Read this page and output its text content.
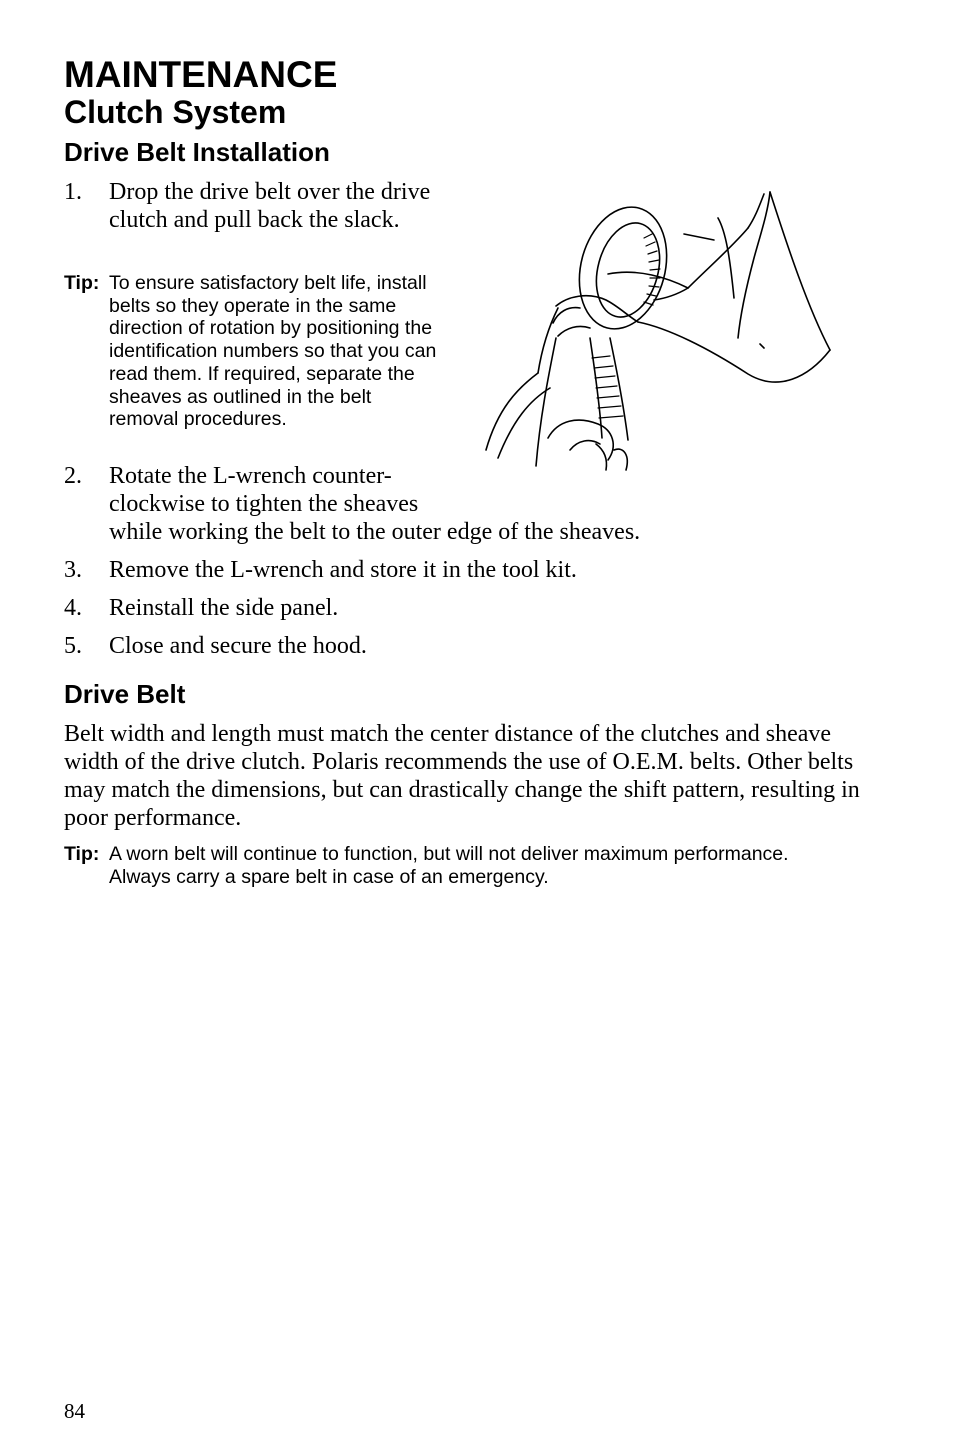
MAINTENANCE
Clutch System
Drive Belt Installation
1. Drop the drive belt over the drive clutch and pull back the slack.
Tip: To ensure satisfactory belt life, install belts so they operate in the same direction of rotation by positioning the identification numbers so that you can read them. If required, separate the sheaves as outlined in the belt removal procedures.
2. Rotate the L-wrench counter-clockwise to tighten the sheaves while working the belt to the outer edge of the sheaves.
3. Remove the L-wrench and store it in the tool kit.
4. Reinstall the side panel.
5. Close and secure the hood.
Drive Belt

Belt width and length must match the center distance of the clutches and sheave width of the drive clutch. Polaris recommends the use of O.E.M. belts. Other belts may match the dimensions, but can drastically change the shift pattern, resulting in poor performance.

Tip: A worn belt will continue to function, but will not deliver maximum performance. Always carry a spare belt in case of an emergency.
84
